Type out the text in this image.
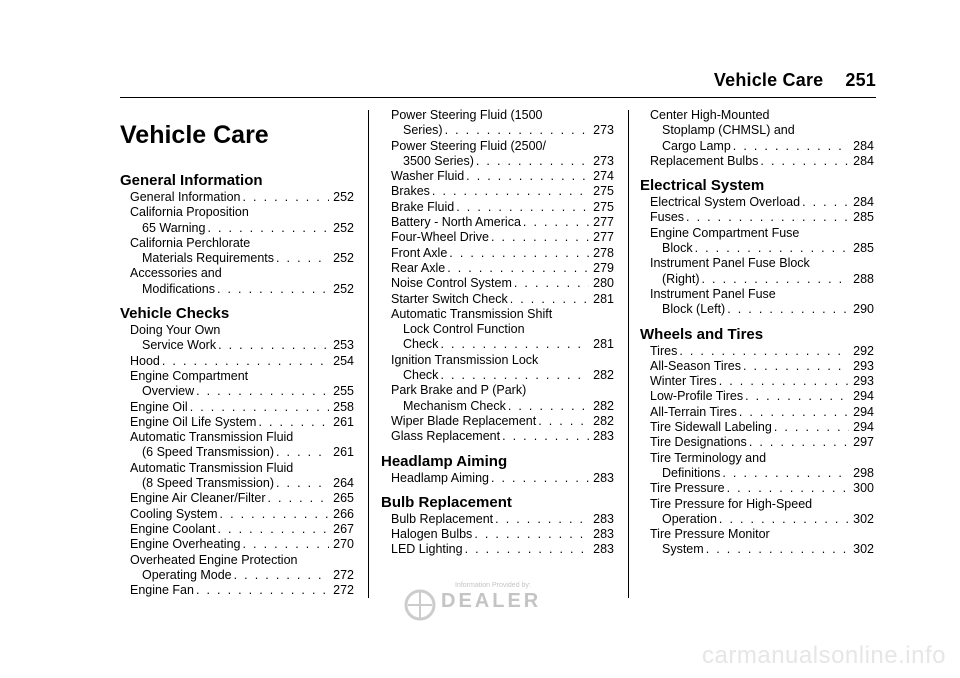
Vehicle Care 251
Vehicle Care
General Information
General Information . . .	252
California Proposition
65 Warning . . .	252
California Perchlorate
Materials Requirements . . .	252
Accessories and
Modifications . . .	252
Vehicle Checks
Doing Your Own
Service Work . . .	253
Hood . . .	254
Engine Compartment
Overview . . .	255
Engine Oil . . .	258
Engine Oil Life System . . .	261
Automatic Transmission Fluid
(6 Speed Transmission) . . .	261
Automatic Transmission Fluid
(8 Speed Transmission) . . .	264
Engine Air Cleaner/Filter . . .	265
Cooling System . . .	266
Engine Coolant . . .	267
Engine Overheating . . .	270
Overheated Engine Protection
Operating Mode . . .	272
Engine Fan . . .	272
Power Steering Fluid (1500
Series) . . .	273
Power Steering Fluid (2500/
3500 Series) . . .	273
Washer Fluid . . .	274
Brakes . . .	275
Brake Fluid . . .	275
Battery - North America . . .	277
Four-Wheel Drive . . .	277
Front Axle . . .	278
Rear Axle . . .	279
Noise Control System . . .	280
Starter Switch Check . . .	281
Automatic Transmission Shift
Lock Control Function
Check . . .	281
Ignition Transmission Lock
Check . . .	282
Park Brake and P (Park)
Mechanism Check . . .	282
Wiper Blade Replacement . . .	282
Glass Replacement . . .	283
Headlamp Aiming
Headlamp Aiming . . .	283
Bulb Replacement
Bulb Replacement . . .	283
Halogen Bulbs . . .	283
LED Lighting . . .	283
Center High-Mounted
Stoplamp (CHMSL) and
Cargo Lamp . . .	284
Replacement Bulbs . . .	284
Electrical System
Electrical System Overload . . .	284
Fuses . . .	285
Engine Compartment Fuse
Block . . .	285
Instrument Panel Fuse Block
(Right) . . .	288
Instrument Panel Fuse
Block (Left) . . .	290
Wheels and Tires
Tires . . .	292
All-Season Tires . . .	293
Winter Tires . . .	293
Low-Profile Tires . . .	294
All-Terrain Tires . . .	294
Tire Sidewall Labeling . . .	294
Tire Designations . . .	297
Tire Terminology and
Definitions . . .	298
Tire Pressure . . .	300
Tire Pressure for High-Speed
Operation . . .	302
Tire Pressure Monitor
System . . .	302
Information Provided by:
DEALER
carmanualsonline.info
